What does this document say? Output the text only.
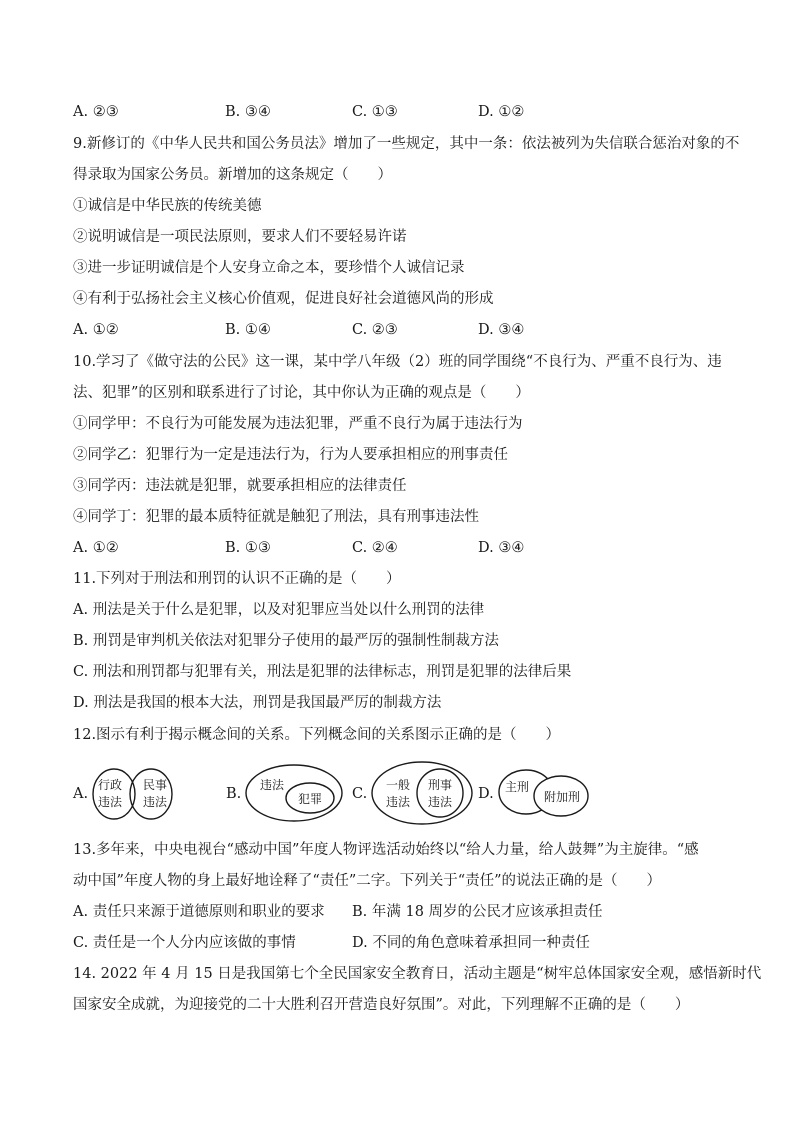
A. ②③	B. ③④	C. ①③	D. ①②
9.新修订的《中华人民共和国公务员法》增加了一些规定，其中一条：依法被列为失信联合惩治对象的不
得录取为国家公务员。新增加的这条规定（　　）
①诚信是中华民族的传统美德
②说明诚信是一项民法原则，要求人们不要轻易许诺
③进一步证明诚信是个人安身立命之本，要珍惜个人诚信记录
④有利于弘扬社会主义核心价值观，促进良好社会道德风尚的形成
A. ①②	B. ①④	C. ②③	D. ③④
10.学习了《做守法的公民》这一课，某中学八年级（2）班的同学围绕“不良行为、严重不良行为、违
法、犯罪”的区别和联系进行了讨论，其中你认为正确的观点是（　　）
①同学甲：不良行为可能发展为违法犯罪，严重不良行为属于违法行为
②同学乙：犯罪行为一定是违法行为，行为人要承担相应的刑事责任
③同学丙：违法就是犯罪，就要承担相应的法律责任
④同学丁：犯罪的最本质特征就是触犯了刑法，具有刑事违法性
A. ①②	B. ①③	C. ②④	D. ③④
11.下列对于刑法和刑罚的认识不正确的是（　　）
A. 刑法是关于什么是犯罪，以及对犯罪应当处以什么刑罚的法律
B. 刑罚是审判机关依法对犯罪分子使用的最严厉的强制性制裁方法
C. 刑法和刑罚都与犯罪有关，刑法是犯罪的法律标志，刑罚是犯罪的法律后果
D. 刑法是我国的根本大法，刑罚是我国最严厉的制裁方法
12.图示有利于揭示概念间的关系。下列概念间的关系图示正确的是（　　）
A.
行政
违法
民事
违法	B.
违法
犯罪 C.
一般
违法
刑事
违法 D. 主刑
附加刑
13.多年来，中央电视台“感动中国”年度人物评选活动始终以“给人力量，给人鼓舞”为主旋律。“感
动中国”年度人物的身上最好地诠释了“责任”二字。下列关于“责任”的说法正确的是（　　）
A. 责任只来源于道德原则和职业的要求 B. 年满 18 周岁的公民才应该承担责任
C. 责任是一个人分内应该做的事情	D. 不同的角色意味着承担同一种责任
14. 2022 年 4 月 15 日是我国第七个全民国家安全教育日，活动主题是“树牢总体国家安全观，感悟新时代
国家安全成就，为迎接党的二十大胜利召开营造良好氛围”。对此，下列理解不正确的是（　　）
